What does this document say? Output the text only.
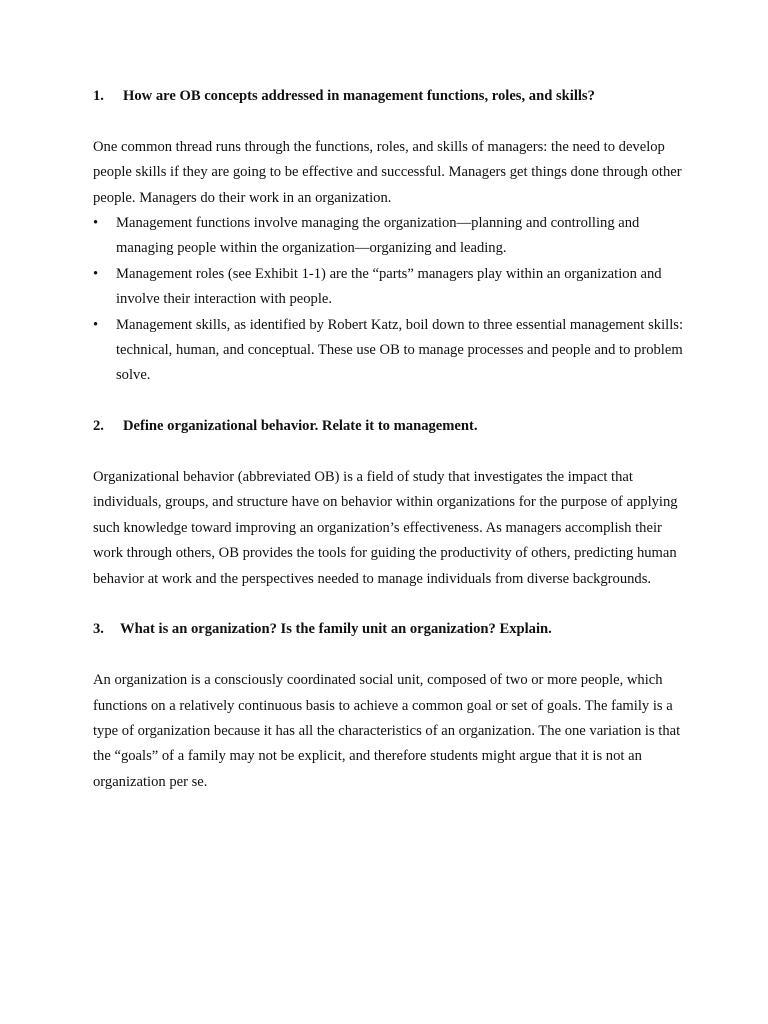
1.	How are OB concepts addressed in management functions, roles, and skills?

One common thread runs through the functions, roles, and skills of managers: the need to develop people skills if they are going to be effective and successful. Managers get things done through other people. Managers do their work in an organization.

•	Management functions involve managing the organization—planning and controlling and managing people within the organization—organizing and leading.
•	Management roles (see Exhibit 1-1) are the “parts” managers play within an organization and involve their interaction with people.
•	Management skills, as identified by Robert Katz, boil down to three essential management skills: technical, human, and conceptual. These use OB to manage processes and people and to problem solve.
2.	Define organizational behavior. Relate it to management.

Organizational behavior (abbreviated OB) is a field of study that investigates the impact that individuals, groups, and structure have on behavior within organizations for the purpose of applying such knowledge toward improving an organization’s effectiveness. As managers accomplish their work through others, OB provides the tools for guiding the productivity of others, predicting human behavior at work and the perspectives needed to manage individuals from diverse backgrounds.

3.	What is an organization? Is the family unit an organization? Explain.

An organization is a consciously coordinated social unit, composed of two or more people, which functions on a relatively continuous basis to achieve a common goal or set of goals. The family is a type of organization because it has all the characteristics of an organization. The one variation is that the “goals” of a family may not be explicit, and therefore students might argue that it is not an organization per se.
